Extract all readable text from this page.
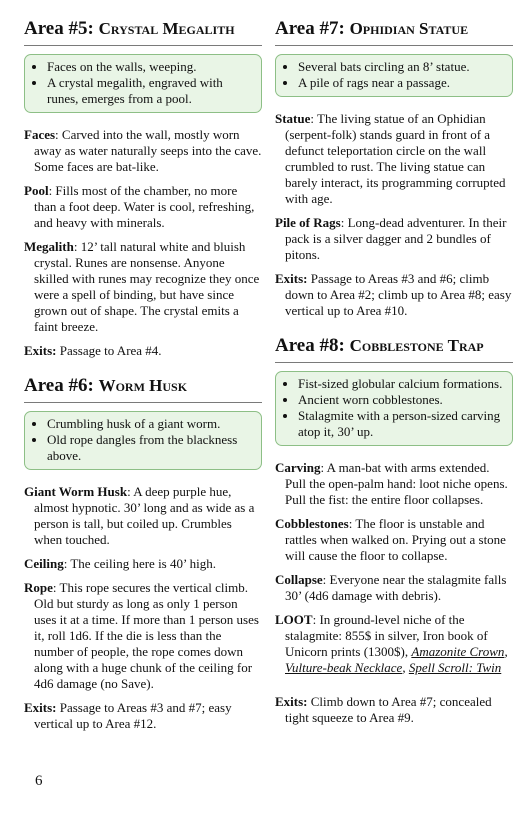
Area #5: Crystal Megalith
• Faces on the walls, weeping.
• A crystal megalith, engraved with runes, emerges from a pool.

Faces: Carved into the wall, mostly worn away as water naturally seeps into the cave. Some faces are bat-like.

Pool: Fills most of the chamber, no more than a foot deep. Water is cool, refreshing, and heavy with minerals.

Megalith: 12’ tall natural white and bluish crystal. Runes are nonsense. Anyone skilled with runes may recognize they once were a spell of binding, but have since grown out of shape. The crystal emits a faint breeze.

Exits: Passage to Area #4.

Area #6: Worm Husk
• Crumbling husk of a giant worm.
• Old rope dangles from the blackness above.

Giant Worm Husk: A deep purple hue, almost hypnotic. 30’ long and as wide as a person is tall, but coiled up. Crumbles when touched.

Ceiling: The ceiling here is 40’ high.

Rope: This rope secures the vertical climb. Old but sturdy as long as only 1 person uses it at a time. If more than 1 person uses it, roll 1d6. If the die is less than the number of people, the rope comes down along with a huge chunk of the ceiling for 4d6 damage (no Save).

Exits: Passage to Areas #3 and #7; easy vertical up to Area #12.

Area #7: Ophidian Statue
• Several bats circling an 8’ statue.
• A pile of rags near a passage.

Statue: The living statue of an Ophidian (serpent-folk) stands guard in front of a defunct teleportation circle on the wall crumbled to rust. The living statue can barely interact, its programming corrupted with age.

Pile of Rags: Long-dead adventurer. In their pack is a silver dagger and 2 bundles of pitons.

Exits: Passage to Areas #3 and #6; climb down to Area #2; climb up to Area #8; easy vertical up to Area #10.

Area #8: Cobblestone Trap
• Fist-sized globular calcium formations.
• Ancient worn cobblestones.
• Stalagmite with a person-sized carving atop it, 30’ up.

Carving: A man-bat with arms extended. Pull the open-palm hand: loot niche opens. Pull the fist: the entire floor collapses.

Cobblestones: The floor is unstable and rattles when walked on. Prying out a stone will cause the floor to collapse.

Collapse: Everyone near the stalagmite falls 30’ (4d6 damage with debris).

LOOT: In ground-level niche of the stalagmite: 855$ in silver, Iron book of Unicorn prints (1300$), Amazonite Crown, Vulture-beak Necklace, Spell Scroll: Twin

Exits: Climb down to Area #7; concealed tight squeeze to Area #9.

6
